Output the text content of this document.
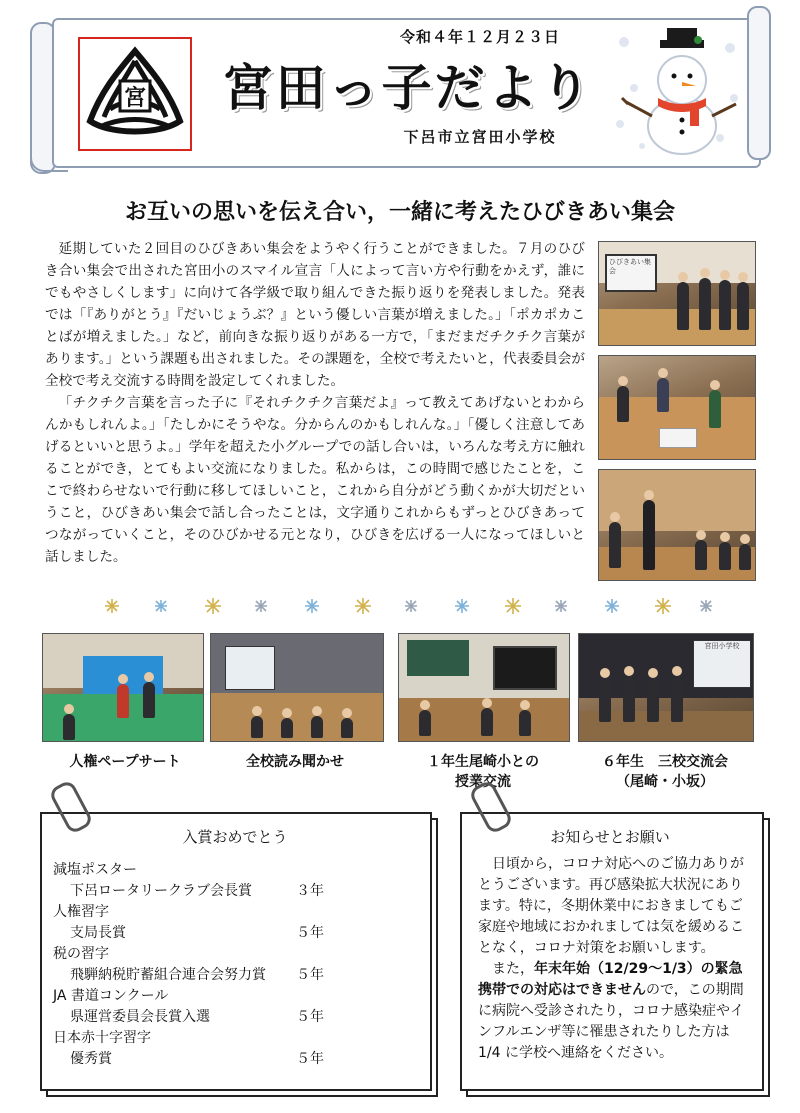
宮
令和４年１２月２３日
宮田っ子だより
下呂市立宮田小学校
お互いの思いを伝え合い，一緒に考えたひびきあい集会

延期していた２回目のひびきあい集会をようやく行うことができました。７月のひびき合い集会で出された宮田小のスマイル宣言「人によって言い方や行動をかえず，誰にでもやさしくします」に向けて各学級で取り組んできた振り返りを発表しました。発表では「『ありがとう』『だいじょうぶ？』という優しい言葉が増えました。」「ポカポカことばが増えました。」など，前向きな振り返りがある一方で，「まだまだチクチク言葉があります。」という課題も出されました。その課題を，全校で考えたいと，代表委員会が全校で考え交流する時間を設定してくれました。

「チクチク言葉を言った子に『それチクチク言葉だよ』って教えてあげないとわからんかもしれんよ。」「たしかにそうやな。分からんのかもしれんな。」「優しく注意してあげるといいと思うよ。」学年を超えた小グループでの話し合いは，いろんな考え方に触れることができ，とてもよい交流になりました。私からは，この時間で感じたことを，ここで終わらせないで行動に移してほしいこと，これから自分がどう動くかが大切だということ，ひびきあい集会で話し合ったことは，文字通りこれからもずっとひびきあってつながっていくこと，そのひびかせる元となり，ひびきを広げる一人になってほしいと話しました。

ひびきあい集会
宮田小学校
人権ペープサート	全校読み聞かせ	１年生尾崎小との
授業交流
６年生　三校交流会
（尾崎・小坂）
入賞おめでとう
減塩ポスター
下呂ロータリークラブ会長賞	３年
人権習字
支局長賞	５年
税の習字
飛騨納税貯蓄組合連合会努力賞 ５年
JA 書道コンクール
県運営委員会長賞入選	５年
日本赤十字習字
優秀賞	５年
お知らせとお願い

日頃から，コロナ対応へのご協力ありがとうございます。再び感染拡大状況にあります。特に，冬期休業中におきましてもご家庭や地域におかれましては気を緩めることなく，コロナ対策をお願いします。

また，年末年始（12/29～1/3）の緊急携帯での対応はできませんので，この期間に病院へ受診されたり，コロナ感染症やインフルエンザ等に罹患されたりした方は 1/4 に学校へ連絡をください。
